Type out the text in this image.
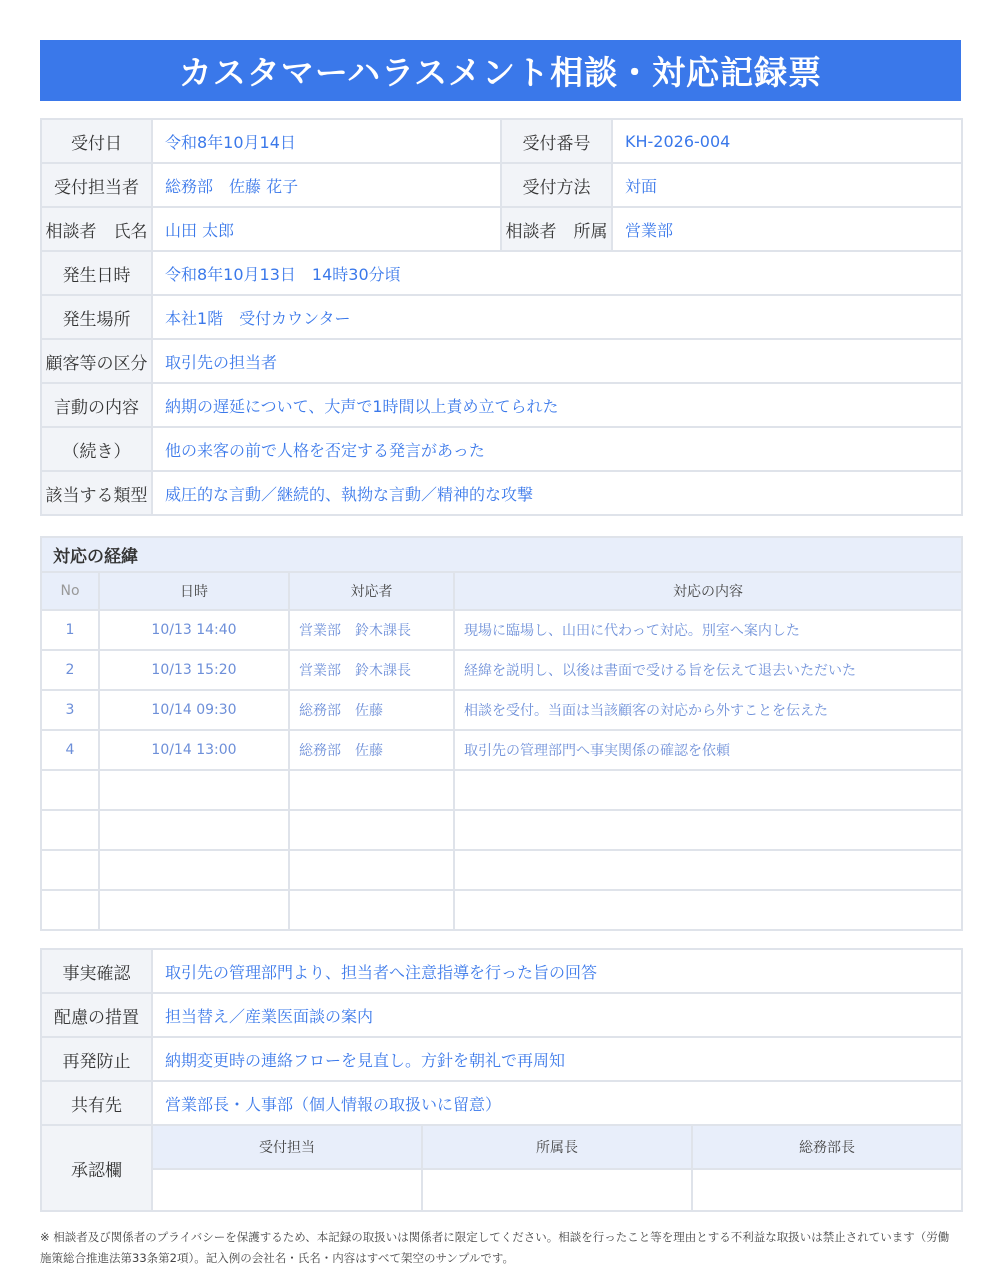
カスタマーハラスメント相談・対応記録票
受付日	令和8年10月14日	受付番号	KH-2026-004
受付担当者	総務部　佐藤 花子	受付方法	対面
相談者　氏名	山田 太郎	相談者　所属	営業部
発生日時	令和8年10月13日　14時30分頃		
発生場所	本社1階　受付カウンター		
顧客等の区分	取引先の担当者		
言動の内容	納期の遅延について、大声で1時間以上責め立てられた		
（続き）	他の来客の前で人格を否定する発言があった		
該当する類型	威圧的な言動／継続的、執拗な言動／精神的な攻撃		
対応の経緯			
No	日時	対応者	対応の内容
1	10/13 14:40	営業部　鈴木課長	現場に臨場し、山田に代わって対応。別室へ案内した
2	10/13 15:20	営業部　鈴木課長	経緯を説明し、以後は書面で受ける旨を伝えて退去いただいた
3	10/14 09:30	総務部　佐藤	相談を受付。当面は当該顧客の対応から外すことを伝えた
4	10/14 13:00	総務部　佐藤	取引先の管理部門へ事実関係の確認を依頼

事実確認	取引先の管理部門より、担当者へ注意指導を行った旨の回答		
配慮の措置	担当替え／産業医面談の案内		
再発防止	納期変更時の連絡フローを見直し。方針を朝礼で再周知		
共有先	営業部長・人事部（個人情報の取扱いに留意）		
承認欄	受付担当	所属長	総務部長

※ 相談者及び関係者のプライバシーを保護するため、本記録の取扱いは関係者に限定してください。相談を行ったこと等を理由とする不利益な取扱いは禁止されています（労働施策総合推進法第33条第2項）。記入例の会社名・氏名・内容はすべて架空のサンプルです。
